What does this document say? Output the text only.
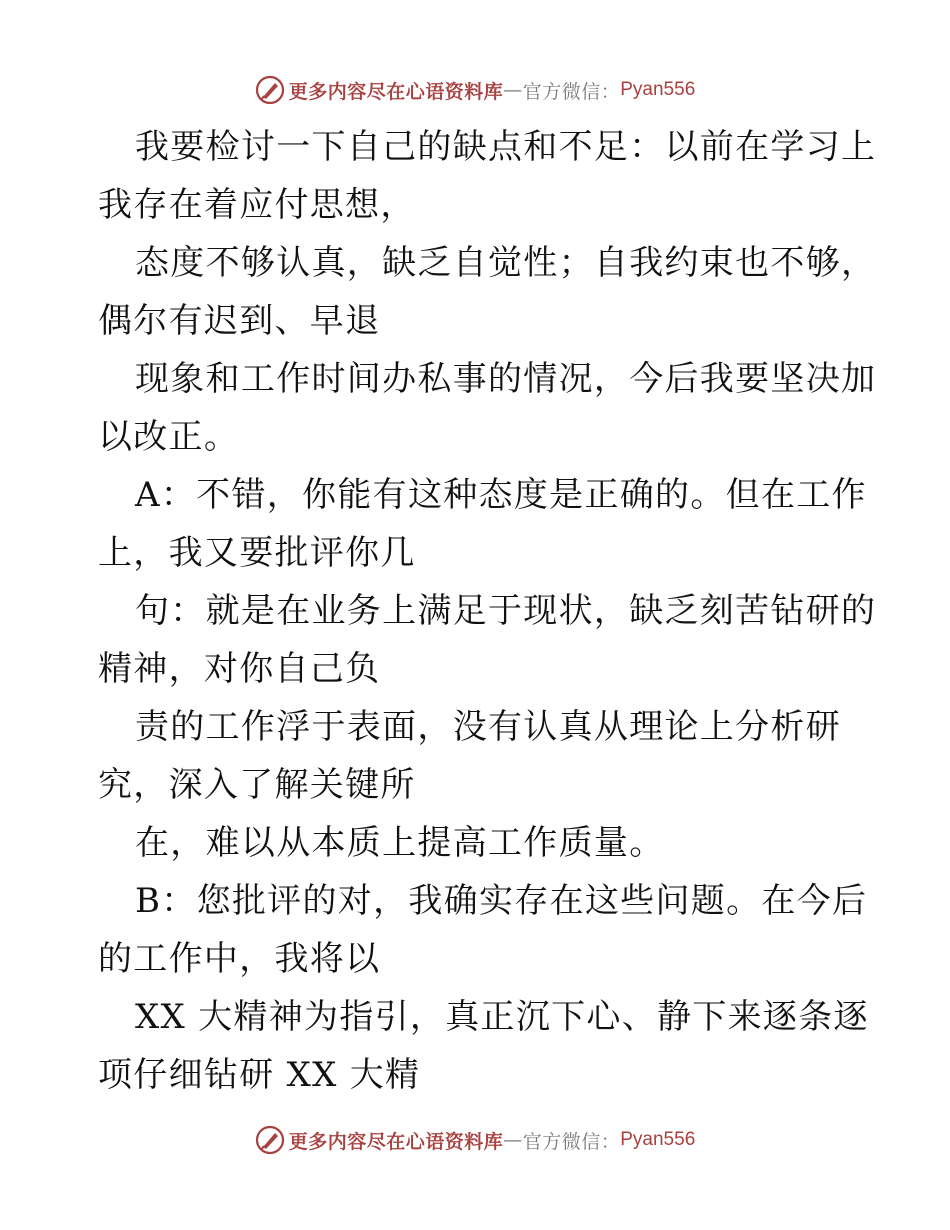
更多内容尽在心语资料库 — 官方微信： Pyan556
我要检讨一下自己的缺点和不足：以前在学习上
我存在着应付思想，
态度不够认真，缺乏自觉性；自我约束也不够，
偶尔有迟到、早退
现象和工作时间办私事的情况，今后我要坚决加
以改正。
A：不错，你能有这种态度是正确的。但在工作
上，我又要批评你几
句：就是在业务上满足于现状，缺乏刻苦钻研的
精神，对你自己负
责的工作浮于表面，没有认真从理论上分析研
究，深入了解关键所
在，难以从本质上提高工作质量。
B：您批评的对，我确实存在这些问题。在今后
的工作中，我将以
XX 大精神为指引，真正沉下心、静下来逐条逐
项仔细钻研 XX 大精
更多内容尽在心语资料库 — 官方微信： Pyan556
